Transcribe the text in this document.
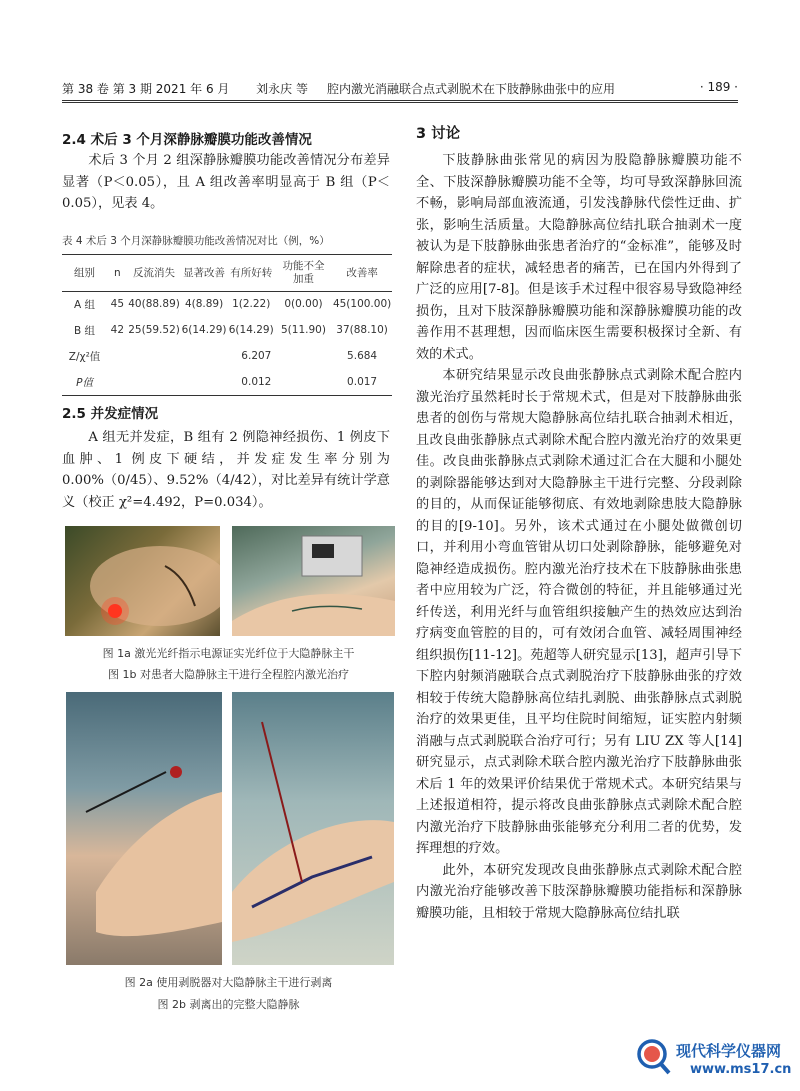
第 38 卷 第 3 期 2021 年 6 月 刘永庆 等 腔内激光消融联合点式剥脱术在下肢静脉曲张中的应用	· 189 ·
2.4 术后 3 个月深静脉瓣膜功能改善情况

术后 3 个月 2 组深静脉瓣膜功能改善情况分布差异显著（P＜0.05），且 A 组改善率明显高于 B 组（P＜0.05），见表 4。

表 4 术后 3 个月深静脉瓣膜功能改善情况对比（例，%）
组别	n	反流消失	显著改善	有所好转	功能不全加重	改善率
A 组	45	40(88.89)	4(8.89)	1(2.22)	0(0.00)	45(100.00)
B 组	42	25(59.52)	6(14.29)	6(14.29)	5(11.90)	37(88.10)
Z/χ²值			6.207			5.684
P值			0.012			0.017
2.5 并发症情况

A 组无并发症，B 组有 2 例隐神经损伤、1 例皮下血肿、1 例皮下硬结，并发症发生率分别为 0.00%（0/45）、9.52%（4/42），对比差异有统计学意义（校正 χ²=4.492，P=0.034）。

图 1a 激光光纤指示电源证实光纤位于大隐静脉主干
图 1b 对患者大隐静脉主干进行全程腔内激光治疗
图 2a 使用剥脱器对大隐静脉主干进行剥离
图 2b 剥离出的完整大隐静脉
3 讨论

下肢静脉曲张常见的病因为股隐静脉瓣膜功能不全、下肢深静脉瓣膜功能不全等，均可导致深静脉回流不畅，影响局部血液流通，引发浅静脉代偿性迂曲、扩张，影响生活质量。大隐静脉高位结扎联合抽剥术一度被认为是下肢静脉曲张患者治疗的“金标准”，能够及时解除患者的症状，减轻患者的痛苦，已在国内外得到了广泛的应用[7-8]。但是该手术过程中很容易导致隐神经损伤，且对下肢深静脉瓣膜功能和深静脉瓣膜功能的改善作用不甚理想，因而临床医生需要积极探讨全新、有效的术式。

本研究结果显示改良曲张静脉点式剥除术配合腔内激光治疗虽然耗时长于常规术式，但是对下肢静脉曲张患者的创伤与常规大隐静脉高位结扎联合抽剥术相近，且改良曲张静脉点式剥除术配合腔内激光治疗的效果更佳。改良曲张静脉点式剥除术通过汇合在大腿和小腿处的剥除器能够达到对大隐静脉主干进行完整、分段剥除的目的，从而保证能够彻底、有效地剥除患肢大隐静脉的目的[9-10]。另外，该术式通过在小腿处做微创切口，并利用小弯血管钳从切口处剥除静脉，能够避免对隐神经造成损伤。腔内激光治疗技术在下肢静脉曲张患者中应用较为广泛，符合微创的特征，并且能够通过光纤传送，利用光纤与血管组织接触产生的热效应达到治疗病变血管腔的目的，可有效闭合血管、减轻周围神经组织损伤[11-12]。苑超等人研究显示[13]，超声引导下下腔内射频消融联合点式剥脱治疗下肢静脉曲张的疗效相较于传统大隐静脉高位结扎剥脱、曲张静脉点式剥脱治疗的效果更佳，且平均住院时间缩短，证实腔内射频消融与点式剥脱联合治疗可行；另有 LIU ZX 等人[14]研究显示，点式剥除术联合腔内激光治疗下肢静脉曲张术后 1 年的效果评价结果优于常规术式。本研究结果与上述报道相符，提示将改良曲张静脉点式剥除术配合腔内激光治疗下肢静脉曲张能够充分利用二者的优势，发挥理想的疗效。

此外，本研究发现改良曲张静脉点式剥除术配合腔内激光治疗能够改善下肢深静脉瓣膜功能指标和深静脉瓣膜功能，且相较于常规大隐静脉高位结扎联

现代科学仪器网
www.ms17.cn
